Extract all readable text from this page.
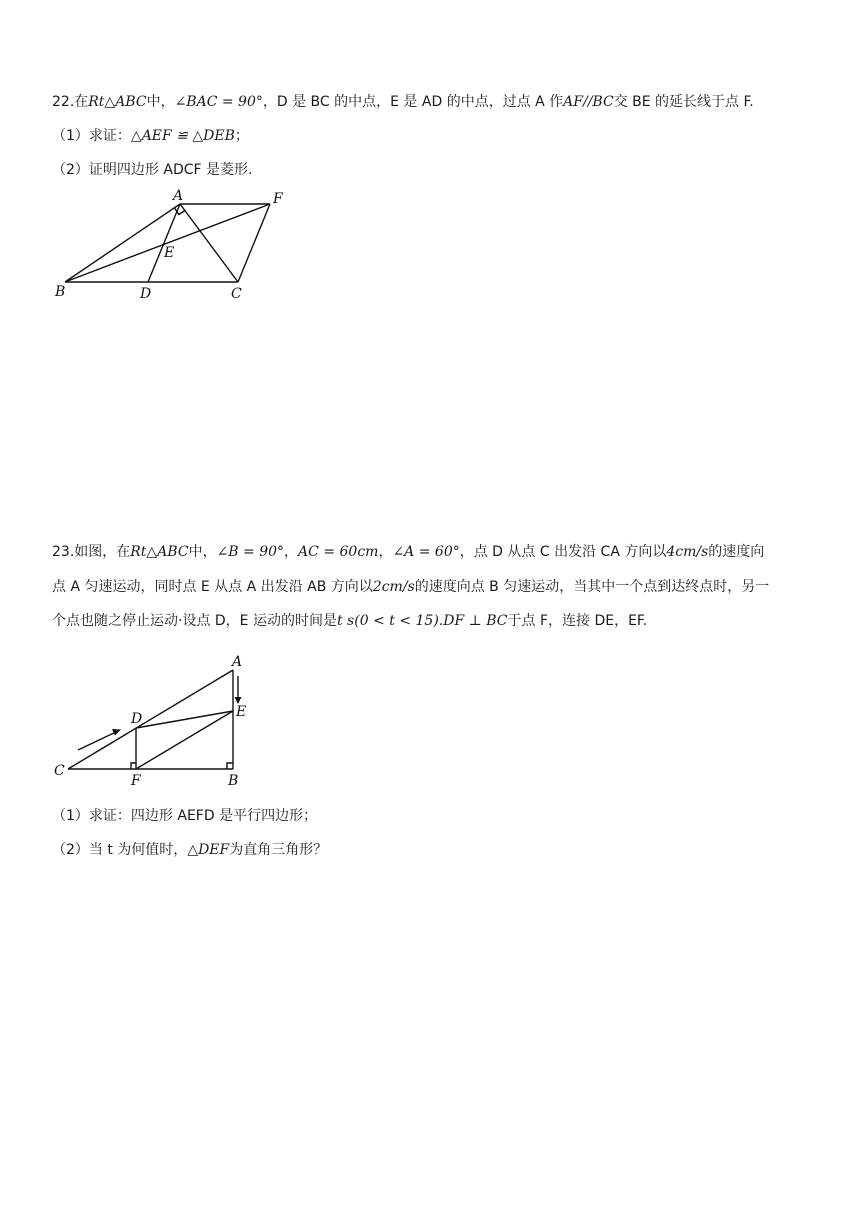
22.在Rt△ABC中，∠BAC = 90°，D 是 BC 的中点，E 是 AD 的中点，过点 A 作AF//BC交 BE 的延长线于点 F.
（1）求证：△AEF ≌ △DEB；
（2）证明四边形 ADCF 是菱形.
A	F
E
B	D	C
23.如图，在Rt△ABC中，∠B = 90°，AC = 60cm，∠A = 60°，点 D 从点 C 出发沿 CA 方向以4cm/s的速度向
点 A 匀速运动，同时点 E 从点 A 出发沿 AB 方向以2cm/s的速度向点 B 匀速运动，当其中一个点到达终点时，另一
个点也随之停止运动·设点 D，E 运动的时间是t s(0 < t < 15).DF ⊥ BC于点 F，连接 DE，EF.
A
D	E
C
F	B
（1）求证：四边形 AEFD 是平行四边形；
（2）当 t 为何值时，△DEF为直角三角形？
